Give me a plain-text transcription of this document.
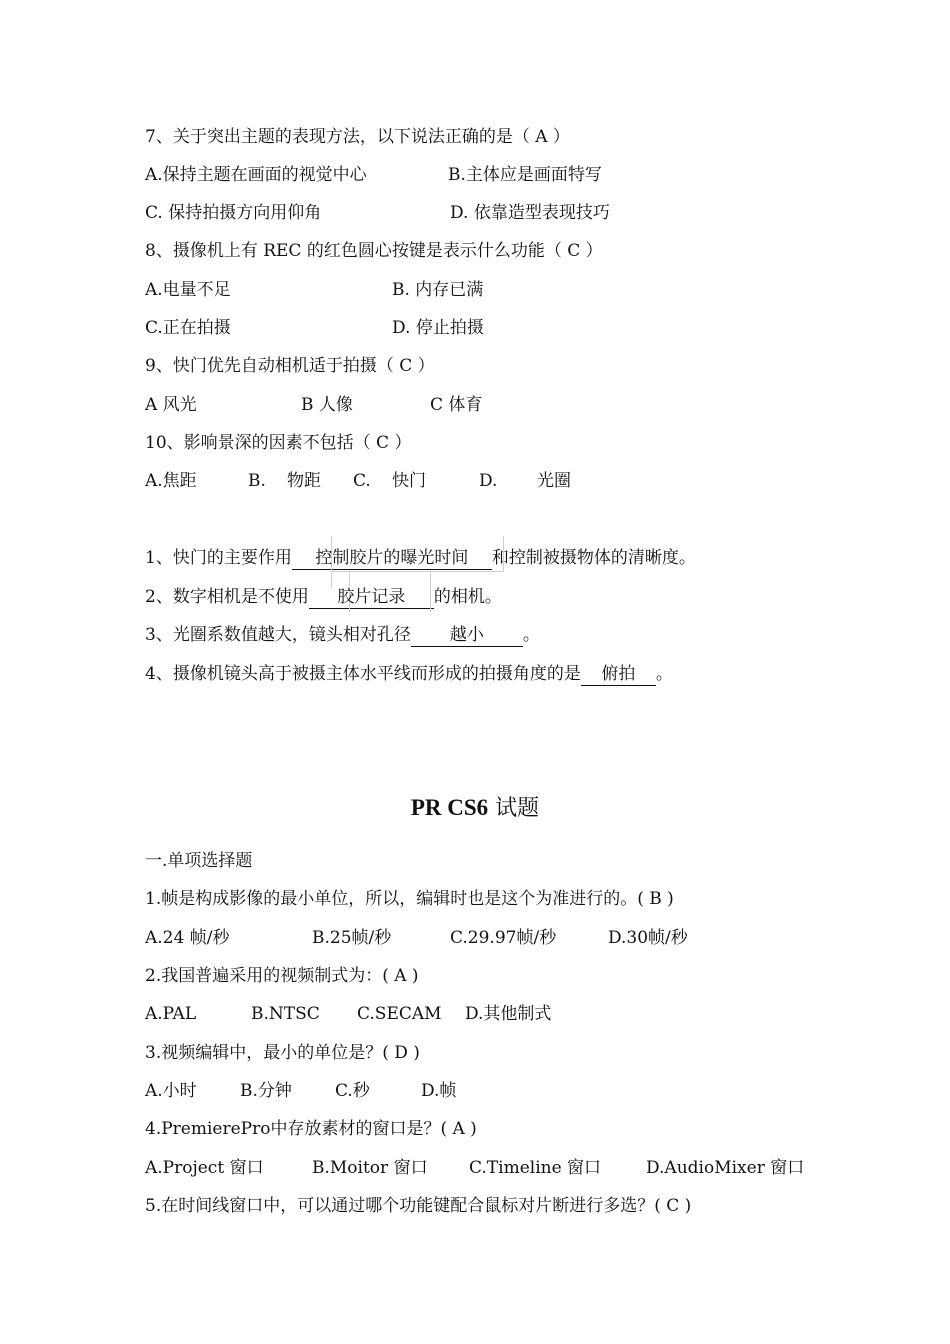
7、关于突出主题的表现方法，以下说法正确的是（ A ）
A.保持主题在画面的视觉中心	B.主体应是画面特写
C. 保持拍摄方向用仰角	D. 依靠造型表现技巧
8、摄像机上有 REC 的红色圆心按键是表示什么功能（ C ）
A.电量不足	B. 内存已满
C.正在拍摄	D. 停止拍摄
9、快门优先自动相机适于拍摄（ C ）
A 风光	B 人像	C 体育
10、影响景深的因素不包括（ C ）
A.焦距	B. 物距 C. 快门	D. 光圈
1、快门的主要作用 控制胶片的曝光时间 和控制被摄物体的清晰度。
2、数字相机是不使用 胶片记录 的相机。
3、光圈系数值越大，镜头相对孔径 越小 。
4、摄像机镜头高于被摄主体水平线而形成的拍摄角度的是 俯拍 。
PR CS6 试题
一.单项选择题
1.帧是构成影像的最小单位，所以，编辑时也是这个为准进行的。( B )
A.24 帧/秒	B.25帧/秒	C.29.97帧/秒	D.30帧/秒
2.我国普遍采用的视频制式为：( A )
A.PAL	B.NTSC C.SECAM D.其他制式
3.视频编辑中，最小的单位是？( D )
A.小时	B.分钟	C.秒	D.帧
4.PremierePro中存放素材的窗口是？( A )
A.Project 窗口	B.Moitor 窗口 C.Timeline 窗口	D.AudioMixer 窗口
5.在时间线窗口中，可以通过哪个功能键配合鼠标对片断进行多选？( C )
